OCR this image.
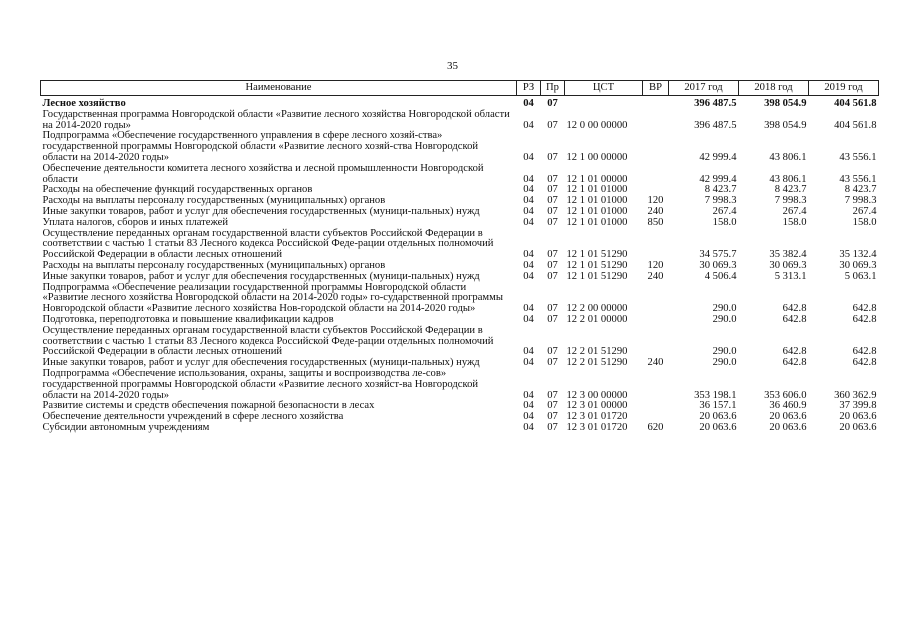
35
Наименование	РЗ	Пр	ЦСТ	ВР	2017 год	2018 год	2019 год
Лесное хозяйство	04	07			396 487.5	398 054.9	404 561.8
Государственная программа Новгородской области «Развитие лесного хозяйства Новгородской области на 2014-2020 годы»	04	07	12 0 00 00000		396 487.5	398 054.9	404 561.8
Подпрограмма «Обеспечение государственного управления в сфере лесного хозяй-ства» государственной программы Новгородской области «Развитие лесного хозяй-ства Новгородской области на 2014-2020 годы»	04	07	12 1 00 00000		42 999.4	43 806.1	43 556.1
Обеспечение деятельности комитета лесного хозяйства и лесной промышленности Новгородской области	04	07	12 1 01 00000		42 999.4	43 806.1	43 556.1
Расходы на обеспечение функций государственных органов	04	07	12 1 01 01000		8 423.7	8 423.7	8 423.7
Расходы на выплаты персоналу государственных (муниципальных) органов	04	07	12 1 01 01000	120	7 998.3	7 998.3	7 998.3
Иные закупки товаров, работ и услуг для обеспечения государственных (муници-пальных) нужд	04	07	12 1 01 01000	240	267.4	267.4	267.4
Уплата налогов, сборов и иных платежей	04	07	12 1 01 01000	850	158.0	158.0	158.0
Осуществление переданных органам государственной власти субъектов Российской Федерации в соответствии с частью 1 статьи 83 Лесного кодекса Российской Феде-рации отдельных полномочий Российской Федерации в области лесных отношений	04	07	12 1 01 51290		34 575.7	35 382.4	35 132.4
Расходы на выплаты персоналу государственных (муниципальных) органов	04	07	12 1 01 51290	120	30 069.3	30 069.3	30 069.3
Иные закупки товаров, работ и услуг для обеспечения государственных (муници-пальных) нужд	04	07	12 1 01 51290	240	4 506.4	5 313.1	5 063.1
Подпрограмма «Обеспечение реализации государственной программы Новгородской области «Развитие лесного хозяйства Новгородской области на 2014-2020 годы» го-сударственной программы Новгородской области «Развитие лесного хозяйства Нов-городской области на 2014-2020 годы»	04	07	12 2 00 00000		290.0	642.8	642.8
Подготовка, переподготовка и повышение квалификации кадров	04	07	12 2 01 00000		290.0	642.8	642.8
Осуществление переданных органам государственной власти субъектов Российской Федерации в соответствии с частью 1 статьи 83 Лесного кодекса Российской Феде-рации отдельных полномочий Российской Федерации в области лесных отношений	04	07	12 2 01 51290		290.0	642.8	642.8
Иные закупки товаров, работ и услуг для обеспечения государственных (муници-пальных) нужд	04	07	12 2 01 51290	240	290.0	642.8	642.8
Подпрограмма «Обеспечение использования, охраны, защиты и воспроизводства ле-сов» государственной программы Новгородской области «Развитие лесного хозяйст-ва Новгородской области на 2014-2020 годы»	04	07	12 3 00 00000		353 198.1	353 606.0	360 362.9
Развитие системы и средств обеспечения пожарной безопасности в лесах	04	07	12 3 01 00000		36 157.1	36 460.9	37 399.8
Обеспечение деятельности учреждений в сфере лесного хозяйства	04	07	12 3 01 01720		20 063.6	20 063.6	20 063.6
Субсидии автономным учреждениям	04	07	12 3 01 01720	620	20 063.6	20 063.6	20 063.6
